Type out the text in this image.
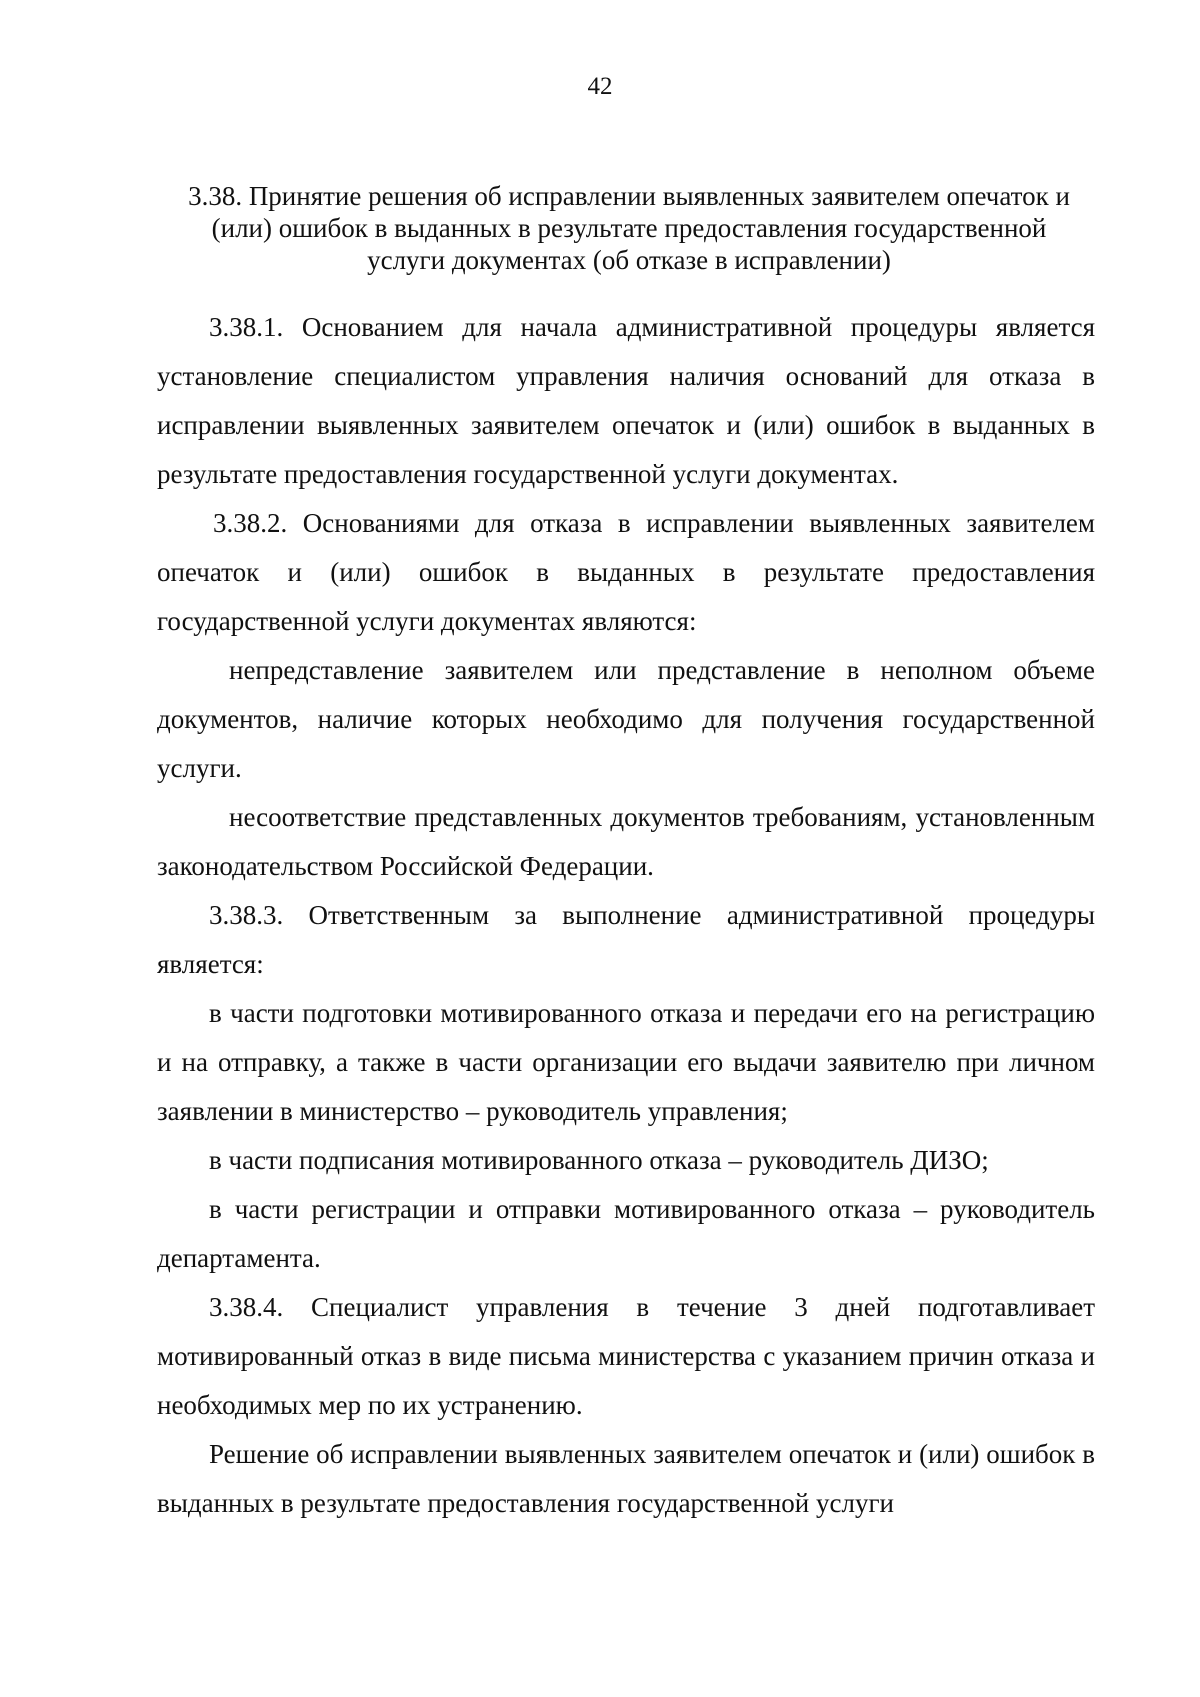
42
3.38. Принятие решения об исправлении выявленных заявителем опечаток и
(или) ошибок в выданных в результате предоставления государственной
услуги документах (об отказе в исправлении)

3.38.1. Основанием для начала административной процедуры является установление специалистом управления наличия оснований для отказа в исправлении выявленных заявителем опечаток и (или) ошибок в выданных в результате предоставления государственной услуги документах.

3.38.2. Основаниями для отказа в исправлении выявленных заявителем опечаток и (или) ошибок в выданных в результате предоставления государственной услуги документах являются:

непредставление заявителем или представление в неполном объеме документов, наличие которых необходимо для получения государственной услуги.

несоответствие представленных документов требованиям, установленным законодательством Российской Федерации.

3.38.3. Ответственным за выполнение административной процедуры является:

в части подготовки мотивированного отказа и передачи его на регистрацию и на отправку, а также в части организации его выдачи заявителю при личном заявлении в министерство – руководитель управления;

в части подписания мотивированного отказа – руководитель ДИЗО;

в части регистрации и отправки мотивированного отказа – руководитель департамента.

3.38.4. Специалист управления в течение 3 дней подготавливает мотивированный отказ в виде письма министерства с указанием причин отказа и необходимых мер по их устранению.

Решение об исправлении выявленных заявителем опечаток и (или) ошибок в выданных в результате предоставления государственной услуги
